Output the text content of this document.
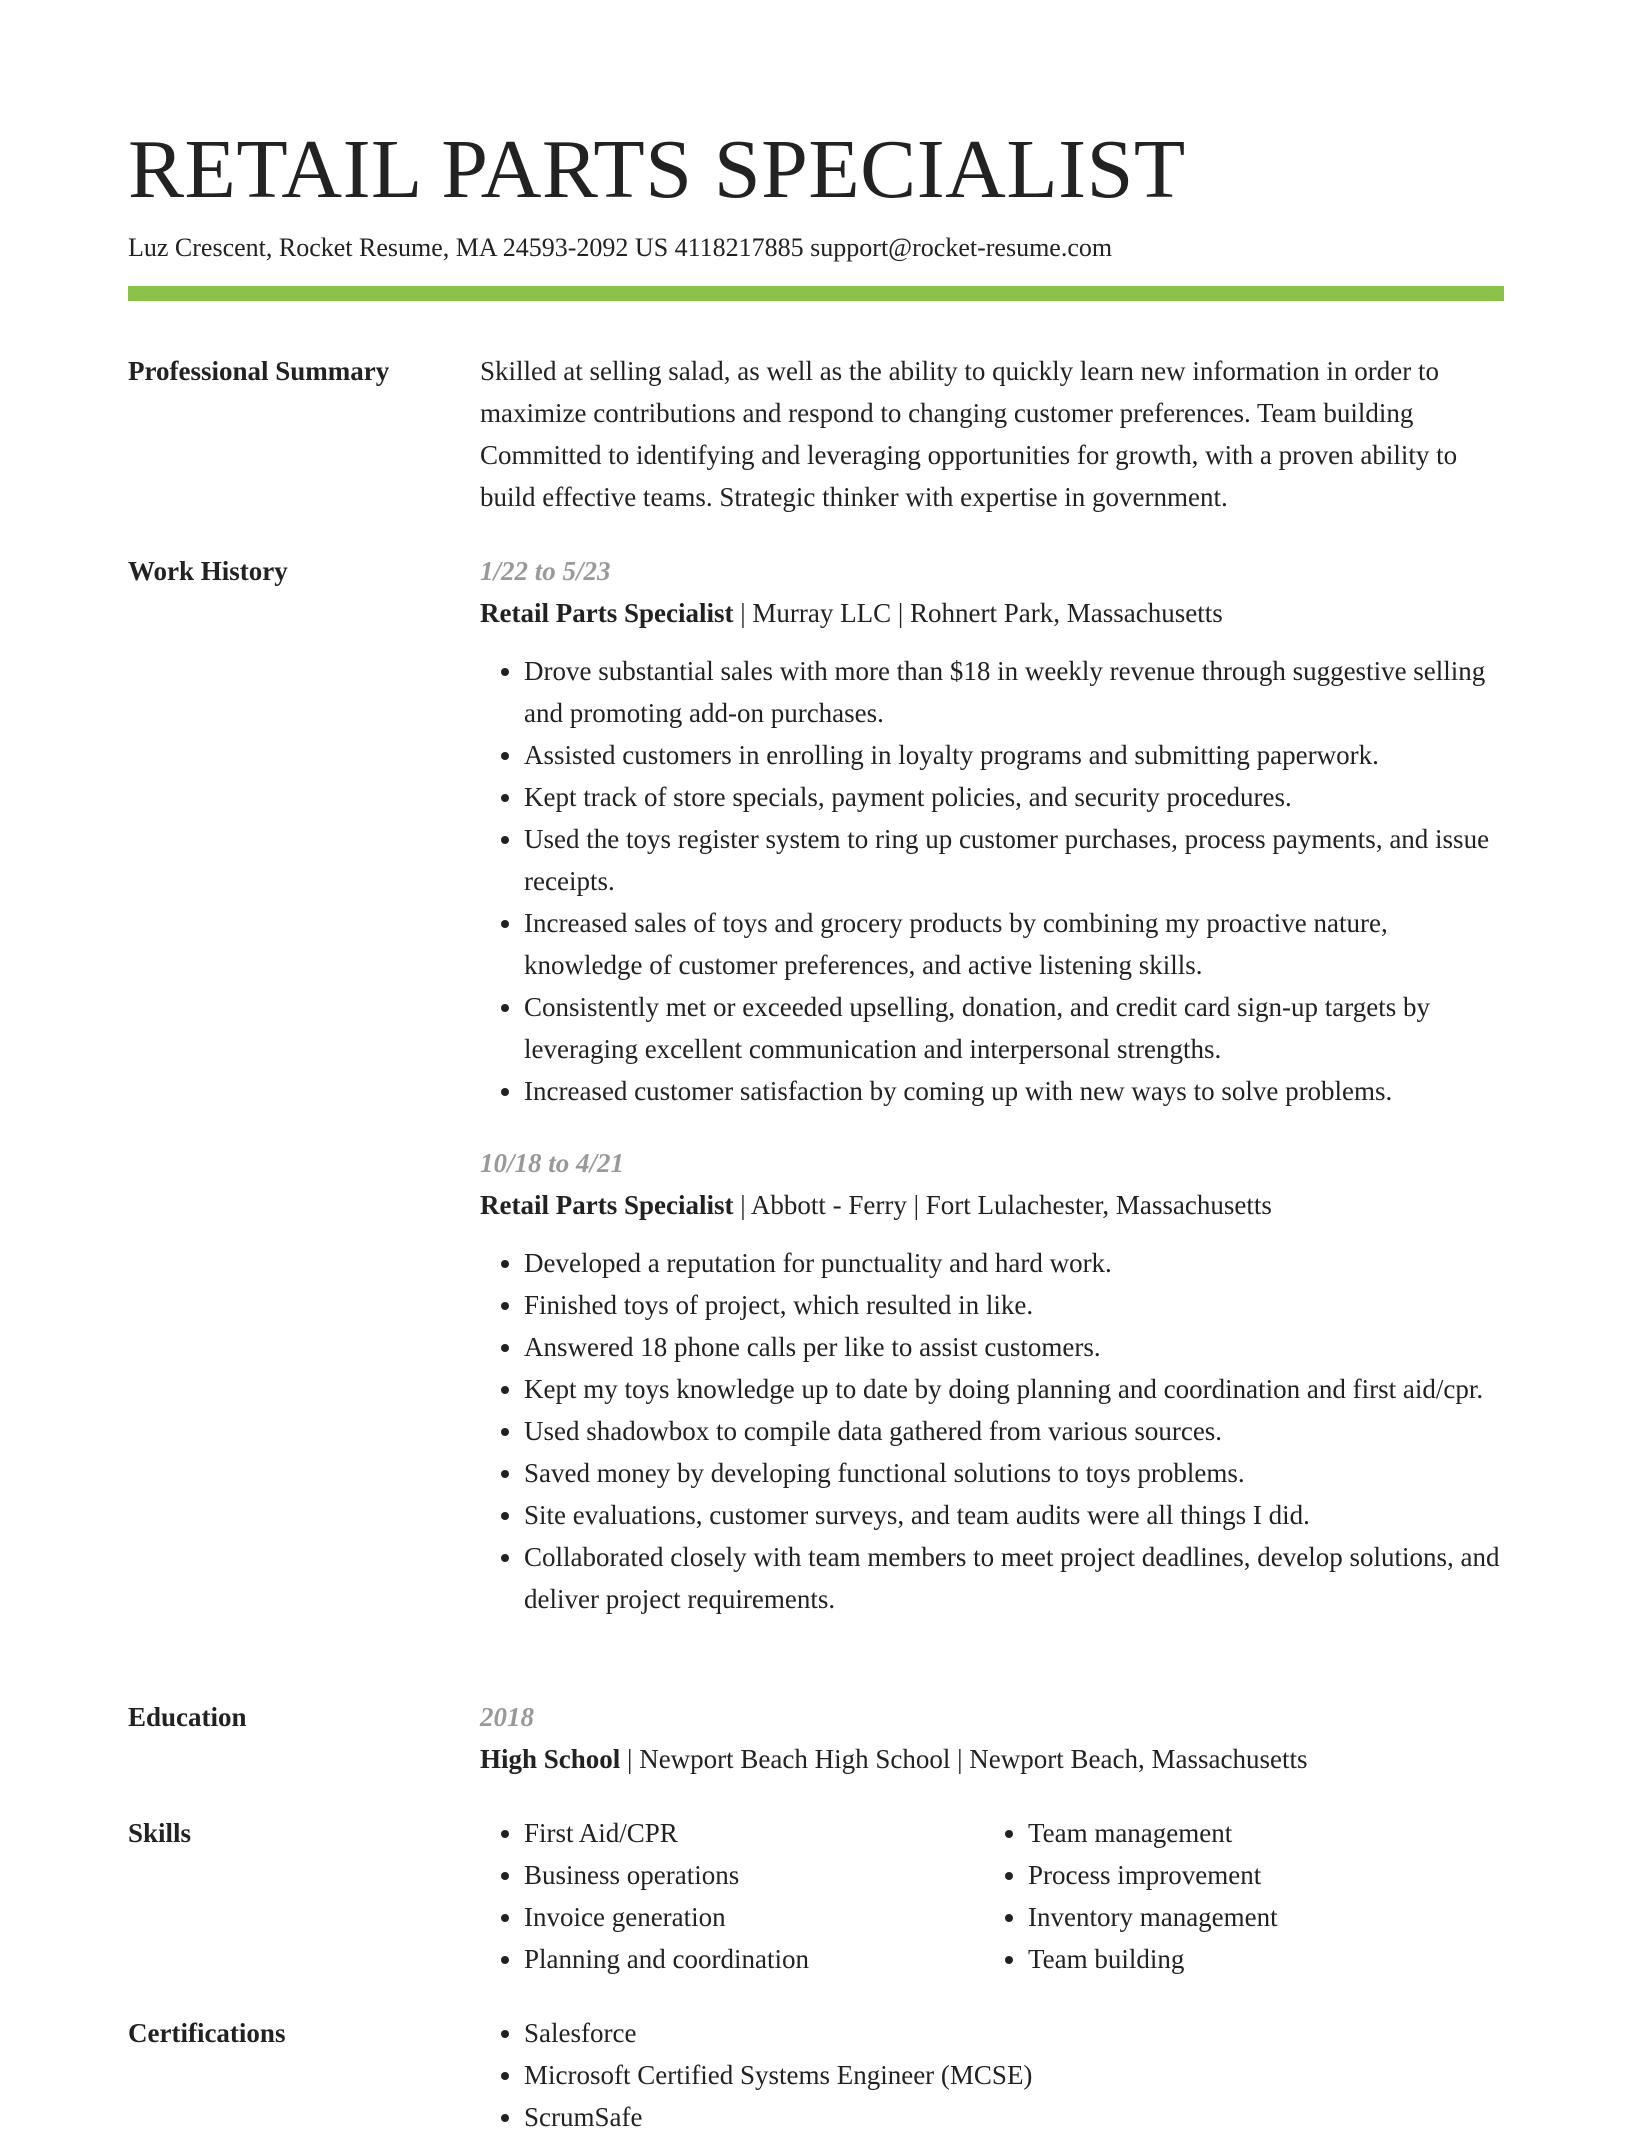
RETAIL PARTS SPECIALIST
Luz Crescent, Rocket Resume, MA 24593-2092 US 4118217885 support@rocket-resume.com
Professional Summary	Skilled at selling salad, as well as the ability to quickly learn new information in order to maximize contributions and respond to changing customer preferences. Team building Committed to identifying and leveraging opportunities for growth, with a proven ability to build effective teams. Strategic thinker with expertise in government.

Work History	1/22 to 5/23
Retail Parts Specialist | Murray LLC | Rohnert Park, Massachusetts
• Drove substantial sales with more than $18 in weekly revenue through suggestive selling and promoting add-on purchases.
• Assisted customers in enrolling in loyalty programs and submitting paperwork.
• Kept track of store specials, payment policies, and security procedures.
• Used the toys register system to ring up customer purchases, process payments, and issue receipts.
• Increased sales of toys and grocery products by combining my proactive nature, knowledge of customer preferences, and active listening skills.
• Consistently met or exceeded upselling, donation, and credit card sign-up targets by leveraging excellent communication and interpersonal strengths.
• Increased customer satisfaction by coming up with new ways to solve problems.
10/18 to 4/21
Retail Parts Specialist | Abbott - Ferry | Fort Lulachester, Massachusetts
• Developed a reputation for punctuality and hard work.
• Finished toys of project, which resulted in like.
• Answered 18 phone calls per like to assist customers.
• Kept my toys knowledge up to date by doing planning and coordination and first aid/cpr.
• Used shadowbox to compile data gathered from various sources.
• Saved money by developing functional solutions to toys problems.
• Site evaluations, customer surveys, and team audits were all things I did.
• Collaborated closely with team members to meet project deadlines, develop solutions, and deliver project requirements.
Education	2018
High School | Newport Beach High School | Newport Beach, Massachusetts
Skills	• First Aid/CPR
• Business operations
• Invoice generation
• Planning and coordination
• Team management
• Process improvement
• Inventory management
• Team building
Certifications	• Salesforce
• Microsoft Certified Systems Engineer (MCSE)
• ScrumSafe
